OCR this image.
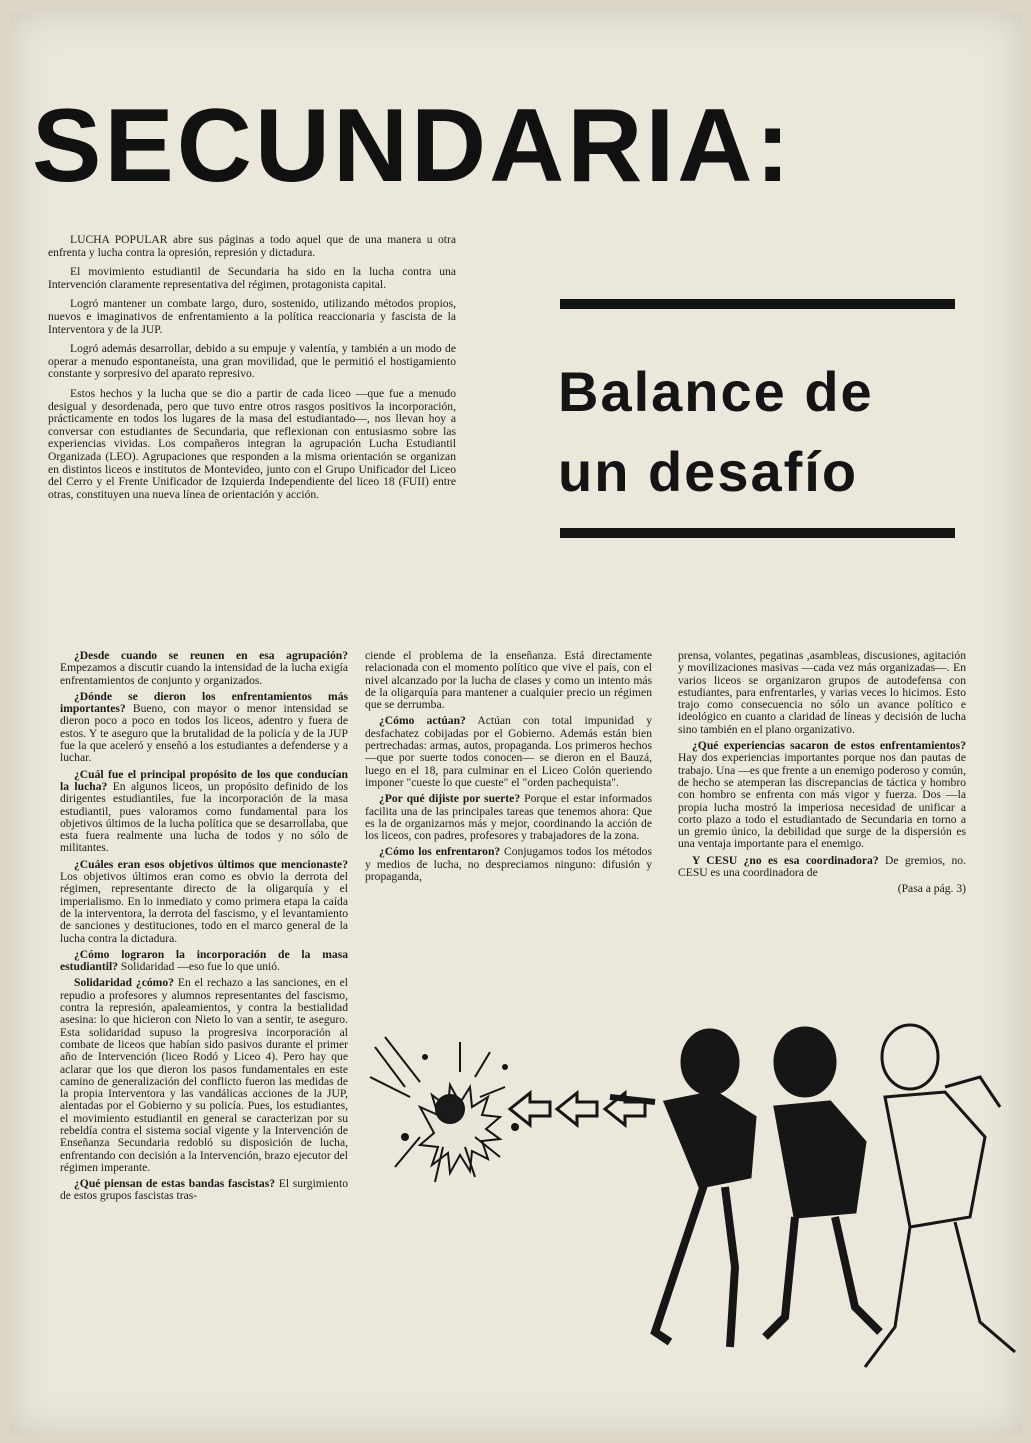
SECUNDARIA:

LUCHA POPULAR abre sus páginas a todo aquel que de una manera u otra enfrenta y lucha contra la opresión, represión y dictadura.

El movimiento estudiantil de Secundaria ha sido en la lucha contra una Intervención claramente representativa del régimen, protagonista capital.

Logró mantener un combate largo, duro, sostenido, utilizando métodos propios, nuevos e imaginativos de enfrentamiento a la política reaccionaria y fascista de la Interventora y de la JUP.

Logró además desarrollar, debido a su empuje y valentía, y también a un modo de operar a menudo espontaneísta, una gran movilidad, que le permitió el hostigamiento constante y sorpresivo del aparato represivo.

Estos hechos y la lucha que se dio a partir de cada liceo —que fue a menudo desigual y desordenada, pero que tuvo entre otros rasgos positivos la incorporación, prácticamente en todos los lugares de la masa del estudiantado—, nos llevan hoy a conversar con estudiantes de Secundaria, que reflexionan con entusiasmo sobre las experiencias vividas. Los compañeros integran la agrupación Lucha Estudiantil Organizada (LEO). Agrupaciones que responden a la misma orientación se organizan en distintos liceos e institutos de Montevideo, junto con el Grupo Unificador del Liceo del Cerro y el Frente Unificador de Izquierda Independiente del liceo 18 (FUII) entre otras, constituyen una nueva línea de orientación y acción.

Balance de
un desafío

¿Desde cuando se reunen en esa agrupación? Empezamos a discutir cuando la intensidad de la lucha exigía enfrentamientos de conjunto y organizados.

¿Dónde se dieron los enfrentamientos más importantes? Bueno, con mayor o menor intensidad se dieron poco a poco en todos los liceos, adentro y fuera de estos. Y te aseguro que la brutalidad de la policía y de la JUP fue la que aceleró y enseñó a los estudiantes a defenderse y a luchar.

¿Cuál fue el principal propósito de los que conducían la lucha? En algunos liceos, un propósito definido de los dirigentes estudiantiles, fue la incorporación de la masa estudiantil, pues valoramos como fundamental para los objetivos últimos de la lucha política que se desarrollaba, que esta fuera realmente una lucha de todos y no sólo de militantes.

¿Cuáles eran esos objetivos últimos que mencionaste? Los objetivos últimos eran como es obvio la derrota del régimen, representante directo de la oligarquía y el imperialismo. En lo inmediato y como primera etapa la caída de la interventora, la derrota del fascismo, y el levantamiento de sanciones y destituciones, todo en el marco general de la lucha contra la dictadura.

¿Cómo lograron la incorporación de la masa estudiantil? Solidaridad —eso fue lo que unió.

Solidaridad ¿cómo? En el rechazo a las sanciones, en el repudio a profesores y alumnos representantes del fascismo, contra la represión, apaleamientos, y contra la bestialidad asesina: lo que hicieron con Nieto lo van a sentir, te aseguro. Esta solidaridad supuso la progresiva incorporación al combate de liceos que habían sido pasivos durante el primer año de Intervención (liceo Rodó y Liceo 4). Pero hay que aclarar que los que dieron los pasos fundamentales en este camino de generalización del conflicto fueron las medidas de la propia Interventora y las vandálicas acciones de la JUP, alentadas por el Gobierno y su policía. Pues, los estudiantes, el movimiento estudiantil en general se caracterizan por su rebeldía contra el sistema social vigente y la Intervención de Enseñanza Secundaria redobló su disposición de lucha, enfrentando con decisión a la Intervención, brazo ejecutor del régimen imperante.

¿Qué piensan de estas bandas fascistas? El surgimiento de estos grupos fascistas tras-

ciende el problema de la enseñanza. Está directamente relacionada con el momento político que vive el país, con el nivel alcanzado por la lucha de clases y como un intento más de la oligarquía para mantener a cualquier precio un régimen que se derrumba.

¿Cómo actúan? Actúan con total impunidad y desfachatez cobijadas por el Gobierno. Además están bien pertrechadas: armas, autos, propaganda. Los primeros hechos —que por suerte todos conocen— se dieron en el Bauzá, luego en el 18, para culminar en el Liceo Colón queriendo imponer "cueste lo que cueste" el "orden pachequista".

¿Por qué dijiste por suerte? Porque el estar informados facilita una de las principales tareas que tenemos ahora: Que es la de organizarnos más y mejor, coordinando la acción de los liceos, con padres, profesores y trabajadores de la zona.

¿Cómo los enfrentaron? Conjugamos todos los métodos y medios de lucha, no despreciamos ninguno: difusión y propaganda,

prensa, volantes, pegatinas ,asambleas, discusiones, agitación y movilizaciones masivas —cada vez más organizadas—. En varios liceos se organizaron grupos de autodefensa con estudiantes, para enfrentarles, y varias veces lo hicimos. Esto trajo como consecuencia no sólo un avance político e ideológico en cuanto a claridad de líneas y decisión de lucha sino también en el plano organizativo.

¿Qué experiencias sacaron de estos enfrentamientos? Hay dos experiencias importantes porque nos dan pautas de trabajo. Una —es que frente a un enemigo poderoso y común, de hecho se atemperan las discrepancias de táctica y hombro con hombro se enfrenta con más vigor y fuerza. Dos —la propia lucha mostró la imperiosa necesidad de unificar a corto plazo a todo el estudiantado de Secundaria en torno a un gremio único, la debilidad que surge de la dispersión es una ventaja importante para el enemigo.

Y CESU ¿no es esa coordinadora? De gremios, no. CESU es una coordinadora de

(Pasa a pág. 3)
